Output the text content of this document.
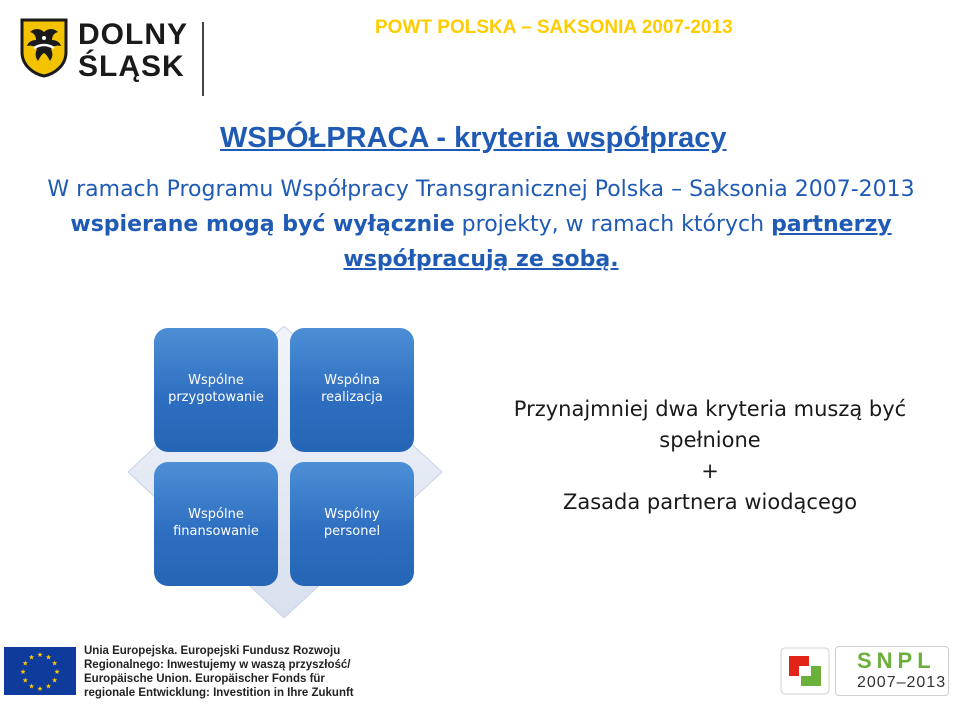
DOLNY
ŚLĄSK
POWT POLSKA – SAKSONIA 2007-2013
WSPÓŁPRACA - kryteria współpracy
W ramach Programu Współpracy Transgranicznej Polska – Saksonia 2007-2013 wspierane mogą być wyłącznie projekty, w ramach których partnerzy współpracują ze sobą.
Wspólne
przygotowanie
Wspólna
realizacja
Wspólne
finansowanie
Wspólny
personel
Przynajmniej dwa kryteria muszą być
spełnione
+
Zasada partnera wiodącego
★ ★
★
★
★
★
★
★
★
★
★
★
Unia Europejska. Europejski Fundusz Rozwoju
Regionalnego: Inwestujemy w waszą przyszłość/
Europäische Union. Europäischer Fonds für
regionale Entwicklung: Investition in Ihre Zukunft
SNPL
2007–2013
